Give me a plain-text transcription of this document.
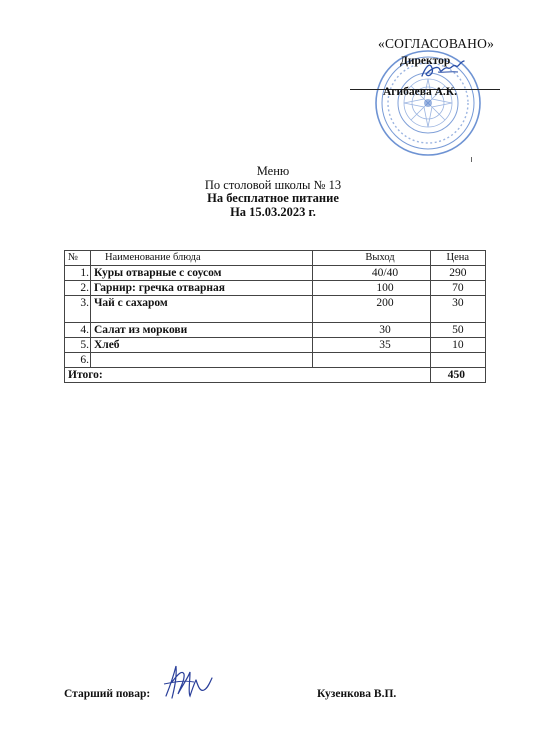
«СОГЛАСОВАНО»
Директор
Агибаева А.К.
Меню
По столовой школы № 13
На бесплатное питание
На 15.03.2023 г.
№	Наименование блюда	Выход	Цена
1.	Куры отварные с соусом	40/40	290
2.	Гарнир: гречка отварная	100	70
3.	Чай с сахаром	200	30
4.	Салат из моркови	30	50
5.	Хлеб	35	10
6.			
Итого:			450
Старший повар:	Кузенкова В.П.
